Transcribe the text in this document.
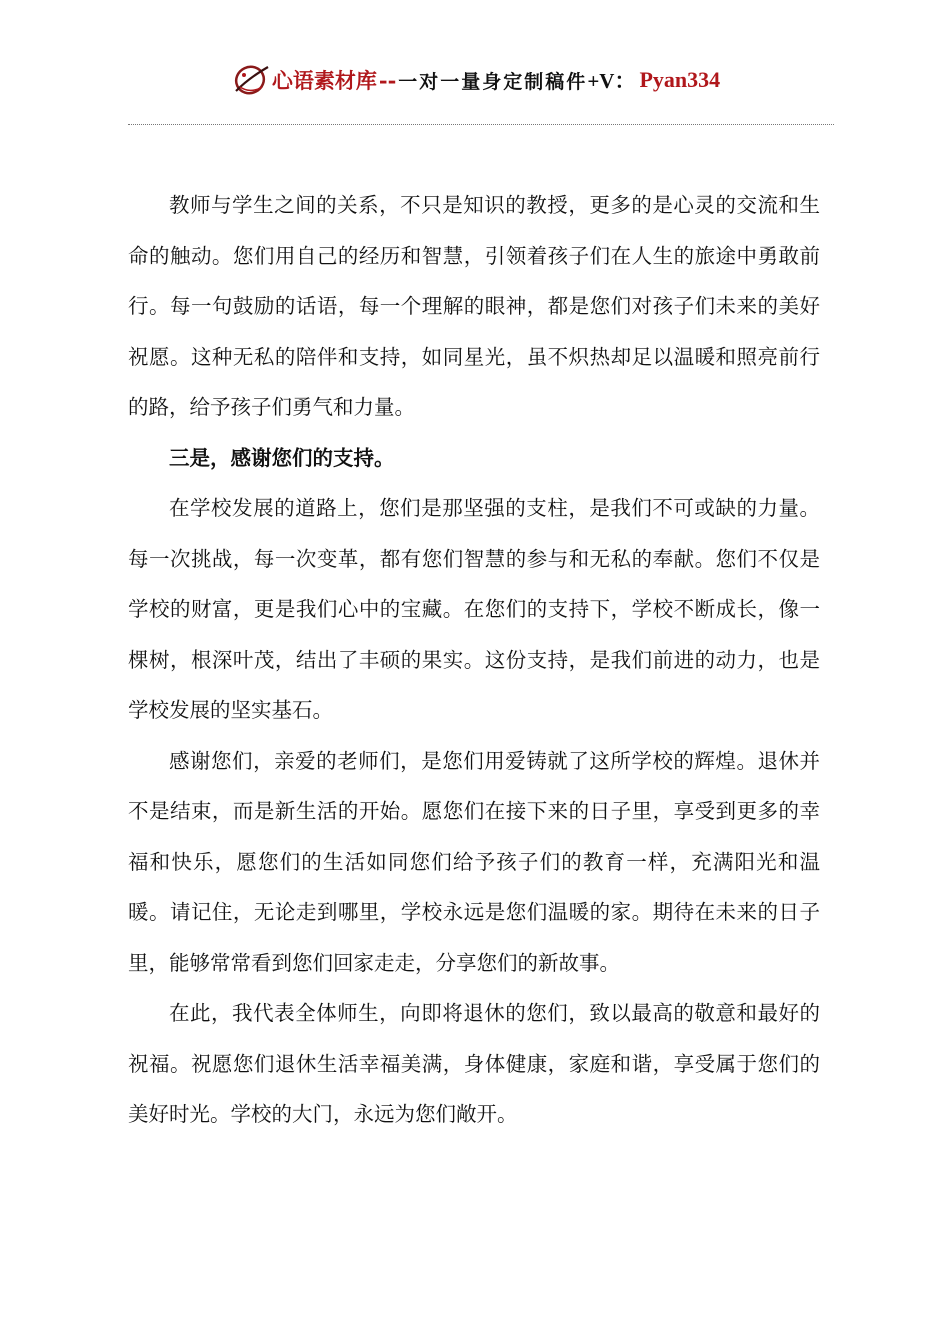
心语素材库 -- 一对一量身定制稿件 +V： Pyan334

教师与学生之间的关系，不只是知识的教授，更多的是心灵的交流和生命的触动。您们用自己的经历和智慧，引领着孩子们在人生的旅途中勇敢前行。每一句鼓励的话语，每一个理解的眼神，都是您们对孩子们未来的美好祝愿。这种无私的陪伴和支持，如同星光，虽不炽热却足以温暖和照亮前行的路，给予孩子们勇气和力量。

三是，感谢您们的支持。

在学校发展的道路上，您们是那坚强的支柱，是我们不可或缺的力量。每一次挑战，每一次变革，都有您们智慧的参与和无私的奉献。您们不仅是学校的财富，更是我们心中的宝藏。在您们的支持下，学校不断成长，像一棵树，根深叶茂，结出了丰硕的果实。这份支持，是我们前进的动力，也是学校发展的坚实基石。

感谢您们，亲爱的老师们，是您们用爱铸就了这所学校的辉煌。退休并不是结束，而是新生活的开始。愿您们在接下来的日子里，享受到更多的幸福和快乐，愿您们的生活如同您们给予孩子们的教育一样，充满阳光和温暖。请记住，无论走到哪里，学校永远是您们温暖的家。期待在未来的日子里，能够常常看到您们回家走走，分享您们的新故事。

在此，我代表全体师生，向即将退休的您们，致以最高的敬意和最好的祝福。祝愿您们退休生活幸福美满，身体健康，家庭和谐，享受属于您们的美好时光。学校的大门，永远为您们敞开。
